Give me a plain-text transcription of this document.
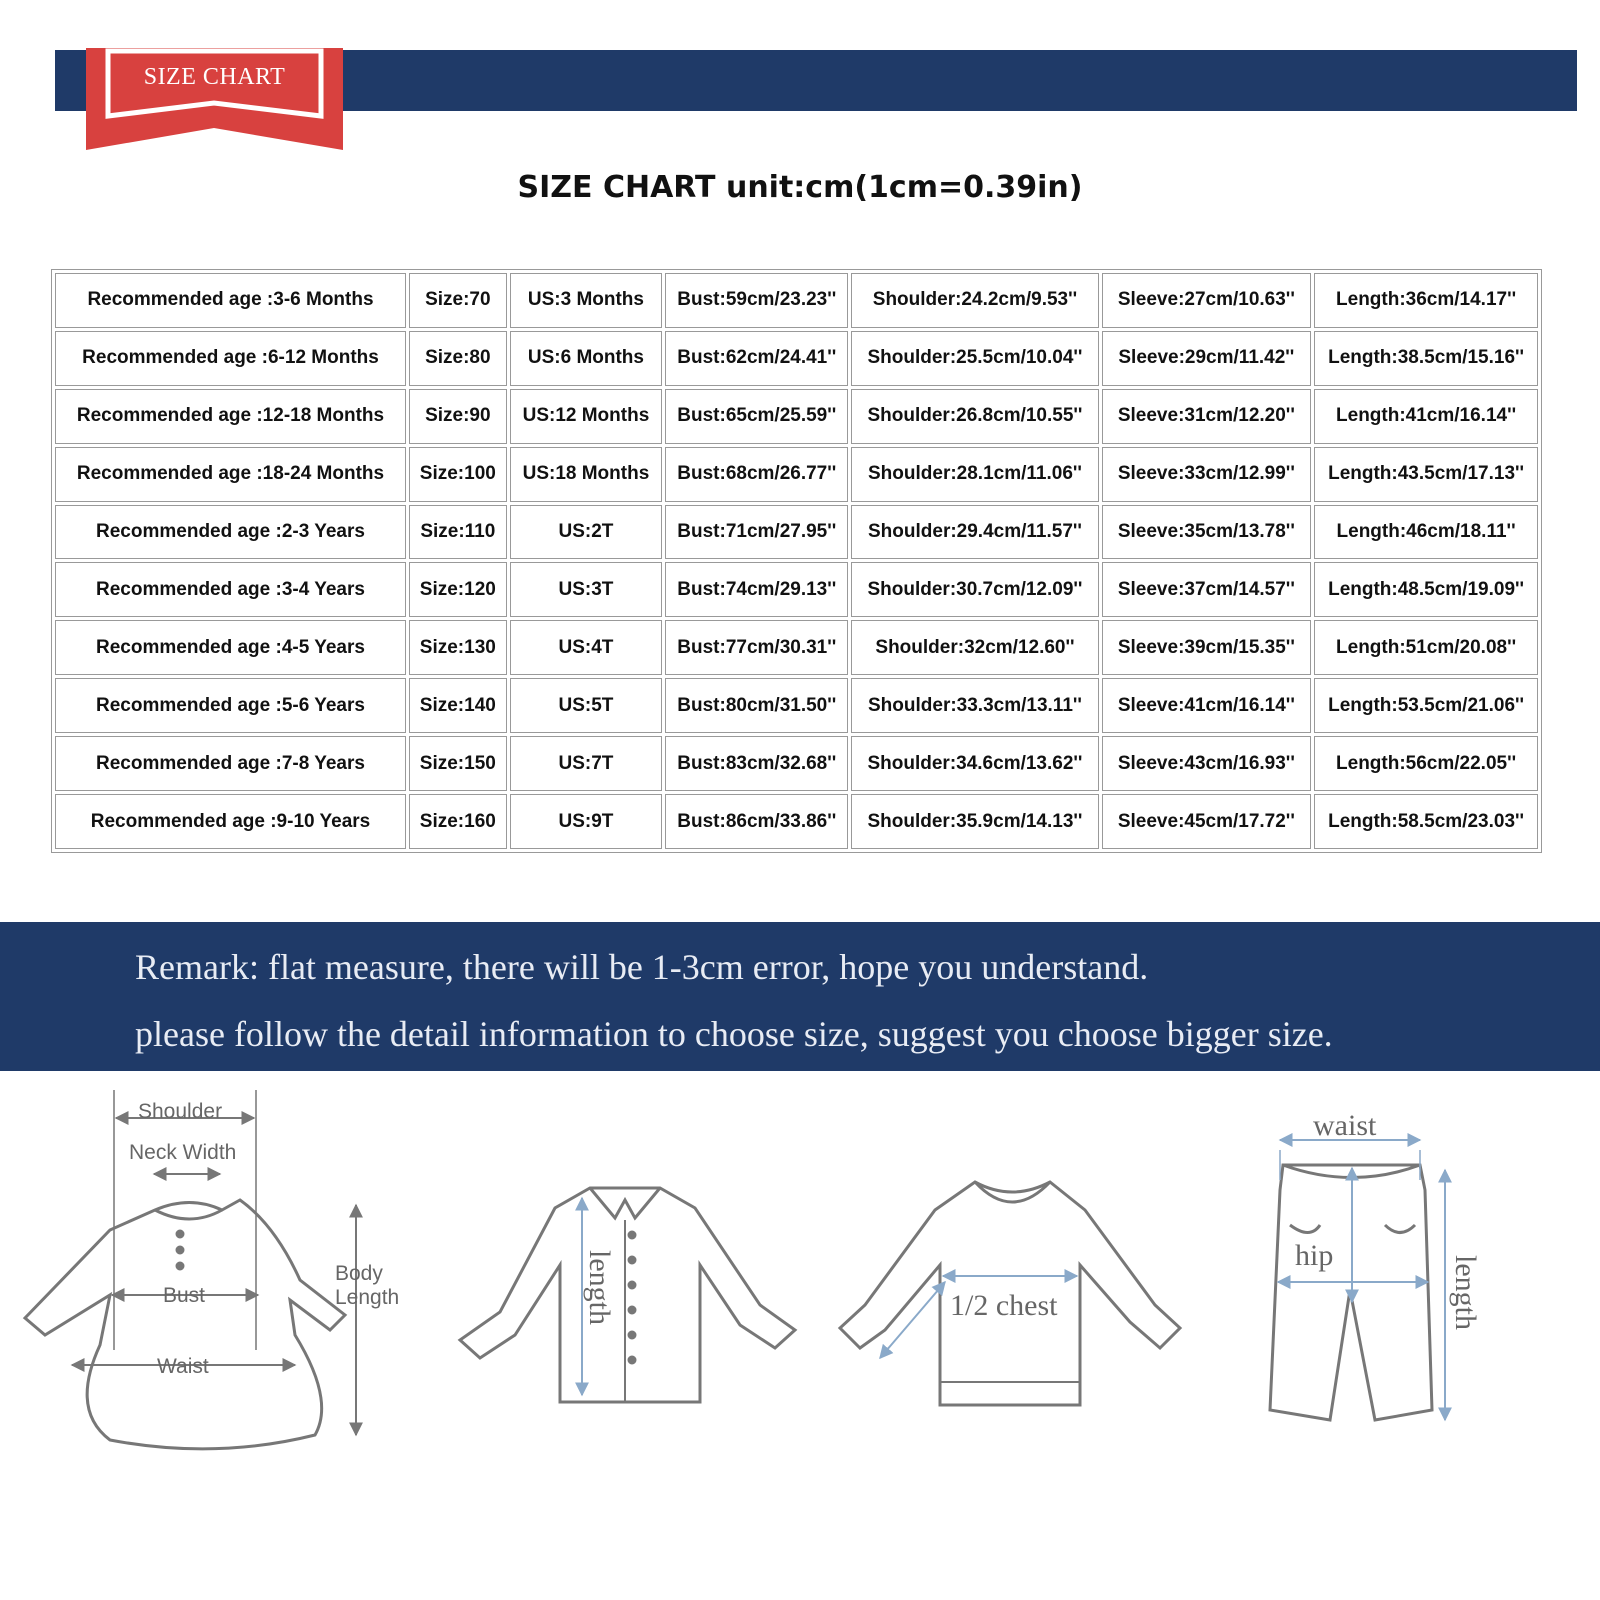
SIZE CHART
SIZE CHART unit:cm(1cm=0.39in)
Recommended age :3-6 Months	Size:70	US:3 Months	Bust:59cm/23.23''	Shoulder:24.2cm/9.53''	Sleeve:27cm/10.63''	Length:36cm/14.17''
Recommended age :6-12 Months	Size:80	US:6 Months	Bust:62cm/24.41''	Shoulder:25.5cm/10.04''	Sleeve:29cm/11.42''	Length:38.5cm/15.16''
Recommended age :12-18 Months	Size:90	US:12 Months	Bust:65cm/25.59''	Shoulder:26.8cm/10.55''	Sleeve:31cm/12.20''	Length:41cm/16.14''
Recommended age :18-24 Months	Size:100	US:18 Months	Bust:68cm/26.77''	Shoulder:28.1cm/11.06''	Sleeve:33cm/12.99''	Length:43.5cm/17.13''
Recommended age :2-3 Years	Size:110	US:2T	Bust:71cm/27.95''	Shoulder:29.4cm/11.57''	Sleeve:35cm/13.78''	Length:46cm/18.11''
Recommended age :3-4 Years	Size:120	US:3T	Bust:74cm/29.13''	Shoulder:30.7cm/12.09''	Sleeve:37cm/14.57''	Length:48.5cm/19.09''
Recommended age :4-5 Years	Size:130	US:4T	Bust:77cm/30.31''	Shoulder:32cm/12.60''	Sleeve:39cm/15.35''	Length:51cm/20.08''
Recommended age :5-6 Years	Size:140	US:5T	Bust:80cm/31.50''	Shoulder:33.3cm/13.11''	Sleeve:41cm/16.14''	Length:53.5cm/21.06''
Recommended age :7-8 Years	Size:150	US:7T	Bust:83cm/32.68''	Shoulder:34.6cm/13.62''	Sleeve:43cm/16.93''	Length:56cm/22.05''
Recommended age :9-10 Years	Size:160	US:9T	Bust:86cm/33.86''	Shoulder:35.9cm/14.13''	Sleeve:45cm/17.72''	Length:58.5cm/23.03''
Remark: flat measure, there will be 1-3cm error, hope you understand.
please follow the detail information to choose size, suggest you choose bigger size.
Shoulder
Neck Width
Bust
Waist
Body
Length	length	1/2 chest
waist
hip	length
